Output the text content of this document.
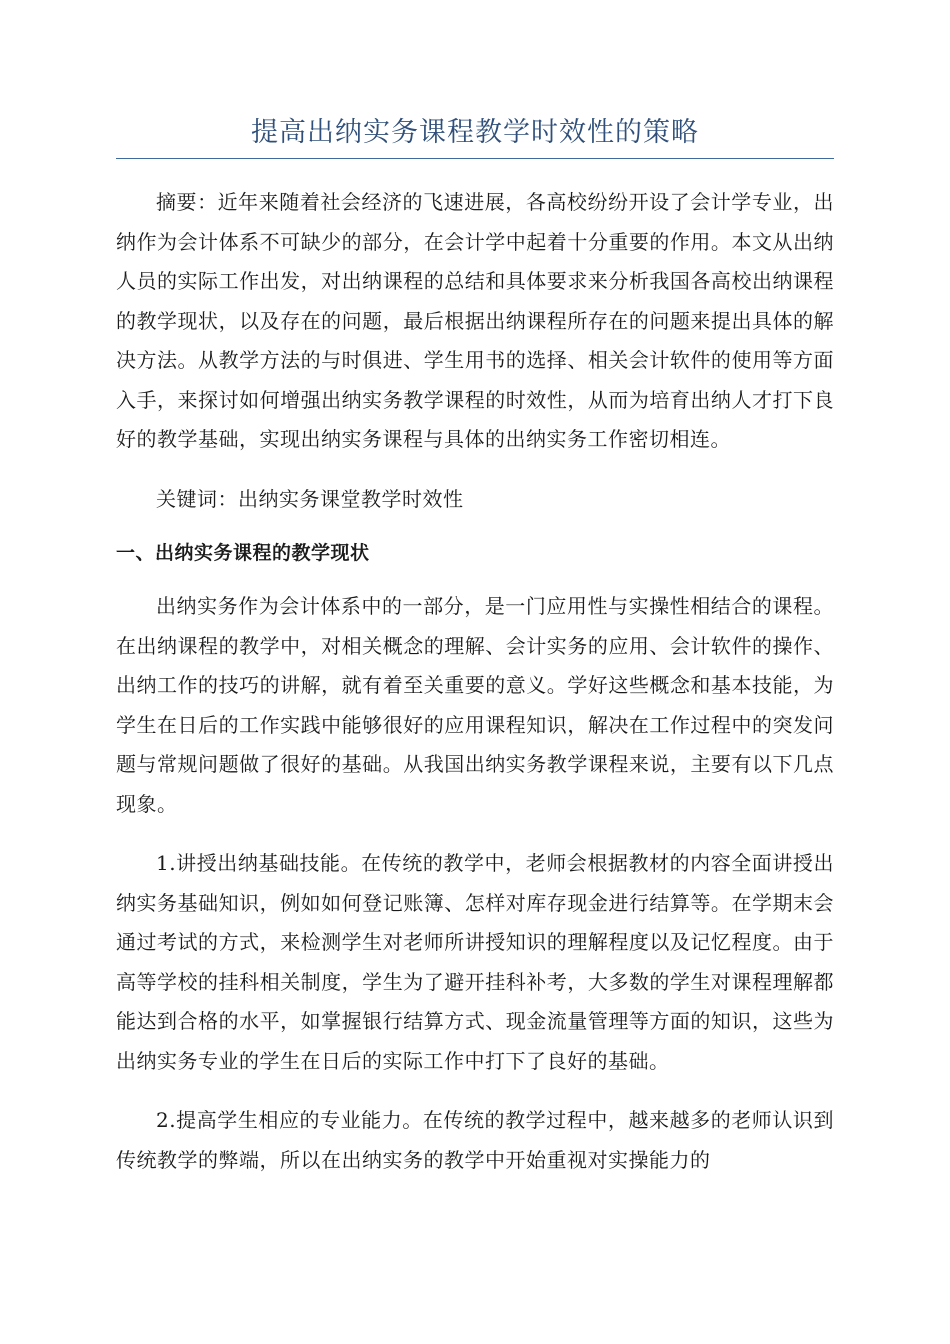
提高出纳实务课程教学时效性的策略

摘要：近年来随着社会经济的飞速进展，各高校纷纷开设了会计学专业，出纳作为会计体系不可缺少的部分，在会计学中起着十分重要的作用。本文从出纳人员的实际工作出发，对出纳课程的总结和具体要求来分析我国各高校出纳课程的教学现状，以及存在的问题，最后根据出纳课程所存在的问题来提出具体的解决方法。从教学方法的与时俱进、学生用书的选择、相关会计软件的使用等方面入手，来探讨如何增强出纳实务教学课程的时效性，从而为培育出纳人才打下良好的教学基础，实现出纳实务课程与具体的出纳实务工作密切相连。

关键词：出纳实务课堂教学时效性

一、出纳实务课程的教学现状

出纳实务作为会计体系中的一部分，是一门应用性与实操性相结合的课程。在出纳课程的教学中，对相关概念的理解、会计实务的应用、会计软件的操作、出纳工作的技巧的讲解，就有着至关重要的意义。学好这些概念和基本技能，为学生在日后的工作实践中能够很好的应用课程知识，解决在工作过程中的突发问题与常规问题做了很好的基础。从我国出纳实务教学课程来说，主要有以下几点现象。

1.讲授出纳基础技能。在传统的教学中，老师会根据教材的内容全面讲授出纳实务基础知识，例如如何登记账簿、怎样对库存现金进行结算等。在学期末会通过考试的方式，来检测学生对老师所讲授知识的理解程度以及记忆程度。由于高等学校的挂科相关制度，学生为了避开挂科补考，大多数的学生对课程理解都能达到合格的水平，如掌握银行结算方式、现金流量管理等方面的知识，这些为出纳实务专业的学生在日后的实际工作中打下了良好的基础。

2.提高学生相应的专业能力。在传统的教学过程中，越来越多的老师认识到传统教学的弊端，所以在出纳实务的教学中开始重视对实操能力的
